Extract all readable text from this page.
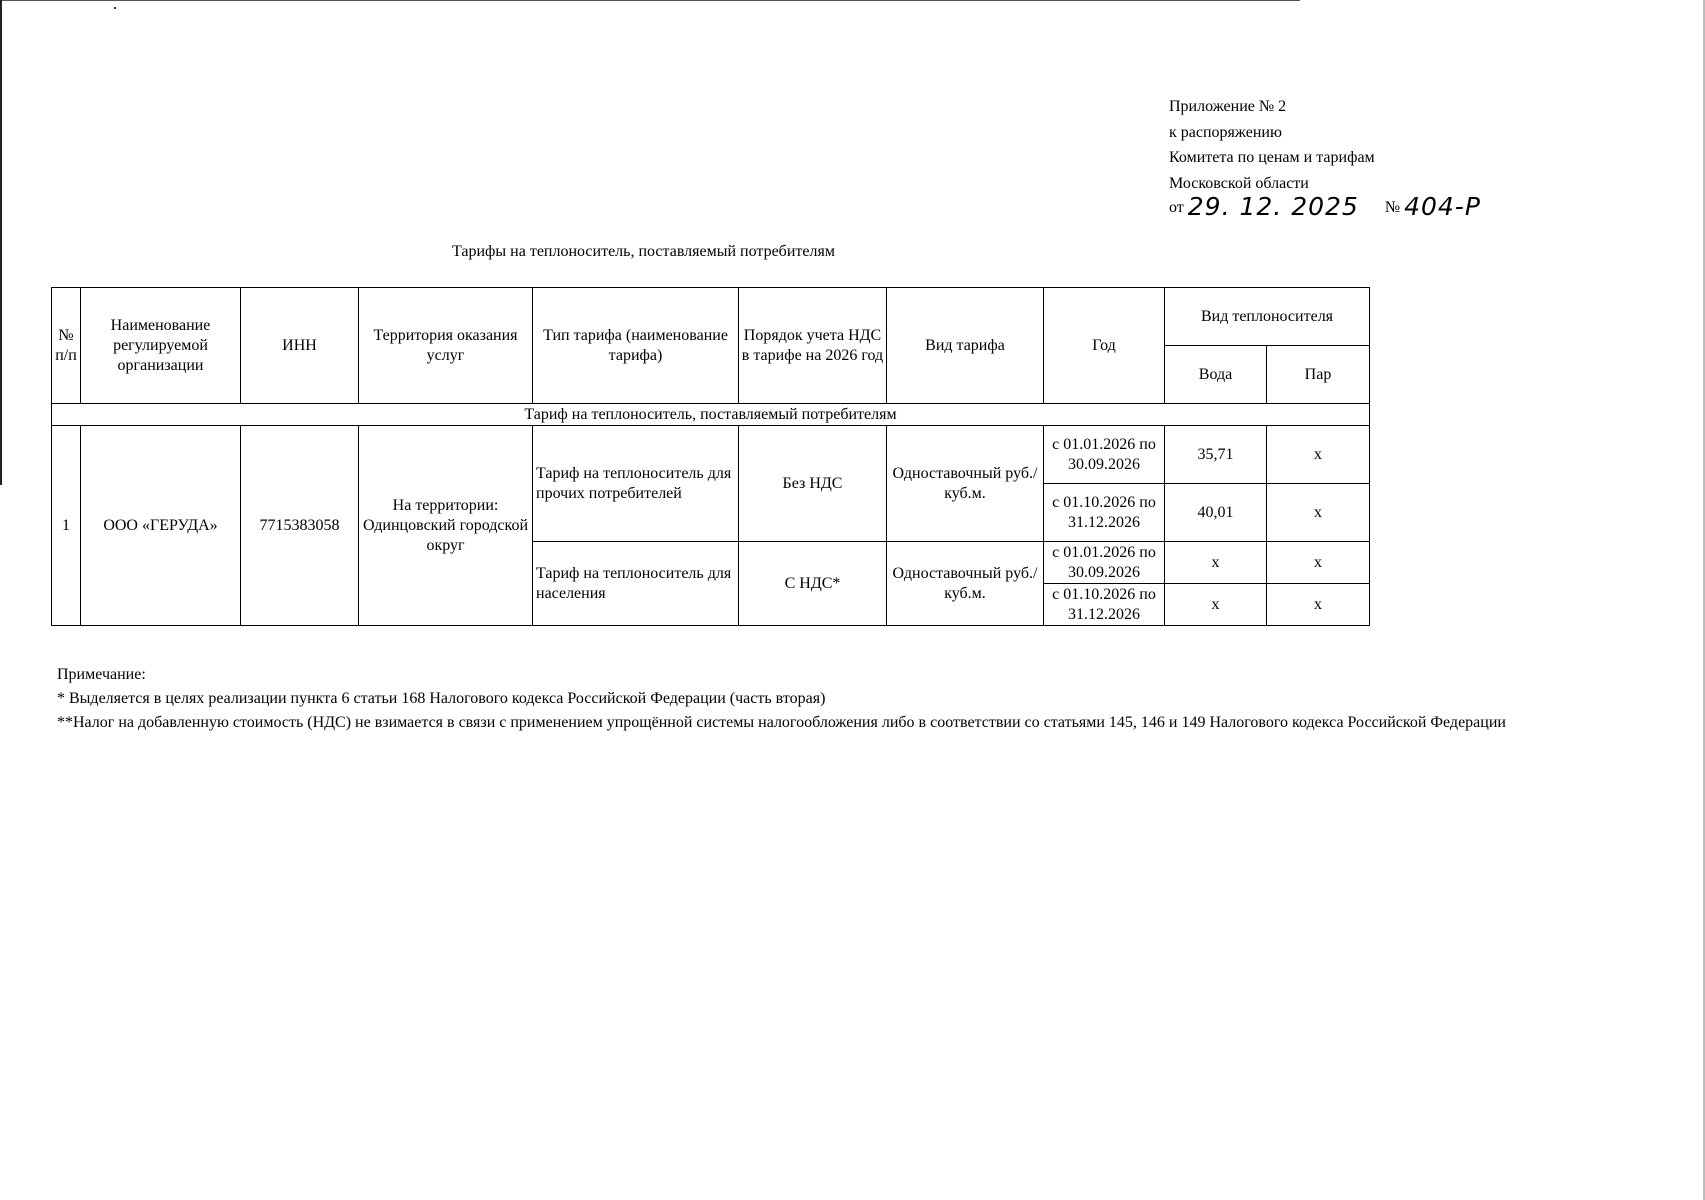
Приложение № 2
к распоряжению
Комитета по ценам и тарифам
Московской области
от 29. 12. 2025 № 404-Р
Тарифы на теплоноситель, поставляемый потребителям
№ п/п	Наименование регулируемой организации	ИНН	Территория оказания услуг	Тип тарифа (наименование тарифа)	Порядок учета НДС в тарифе на 2026 год	Вид тарифа	Год	Вид теплоносителя	
								Вода	Пар
Тариф на теплоноситель, поставляемый потребителям									
1	ООО «ГЕРУДА»	7715383058	На территории: Одинцовский городской округ	Тариф на теплоноситель для прочих потребителей	Без НДС	Одноставочный руб./куб.м.	с 01.01.2026 по 30.09.2026	35,71	х
							с 01.10.2026 по 31.12.2026	40,01	х
				Тариф на теплоноситель для населения	С НДС*	Одноставочный руб./куб.м.	с 01.01.2026 по 30.09.2026	х	х
							с 01.10.2026 по 31.12.2026	х	х
Примечание:
* Выделяется в целях реализации пункта 6 статьи 168 Налогового кодекса Российской Федерации (часть вторая)
**Налог на добавленную стоимость (НДС) не взимается в связи с применением упрощённой системы налогообложения либо в соответствии со статьями 145, 146 и 149 Налогового кодекса Российской Федерации
